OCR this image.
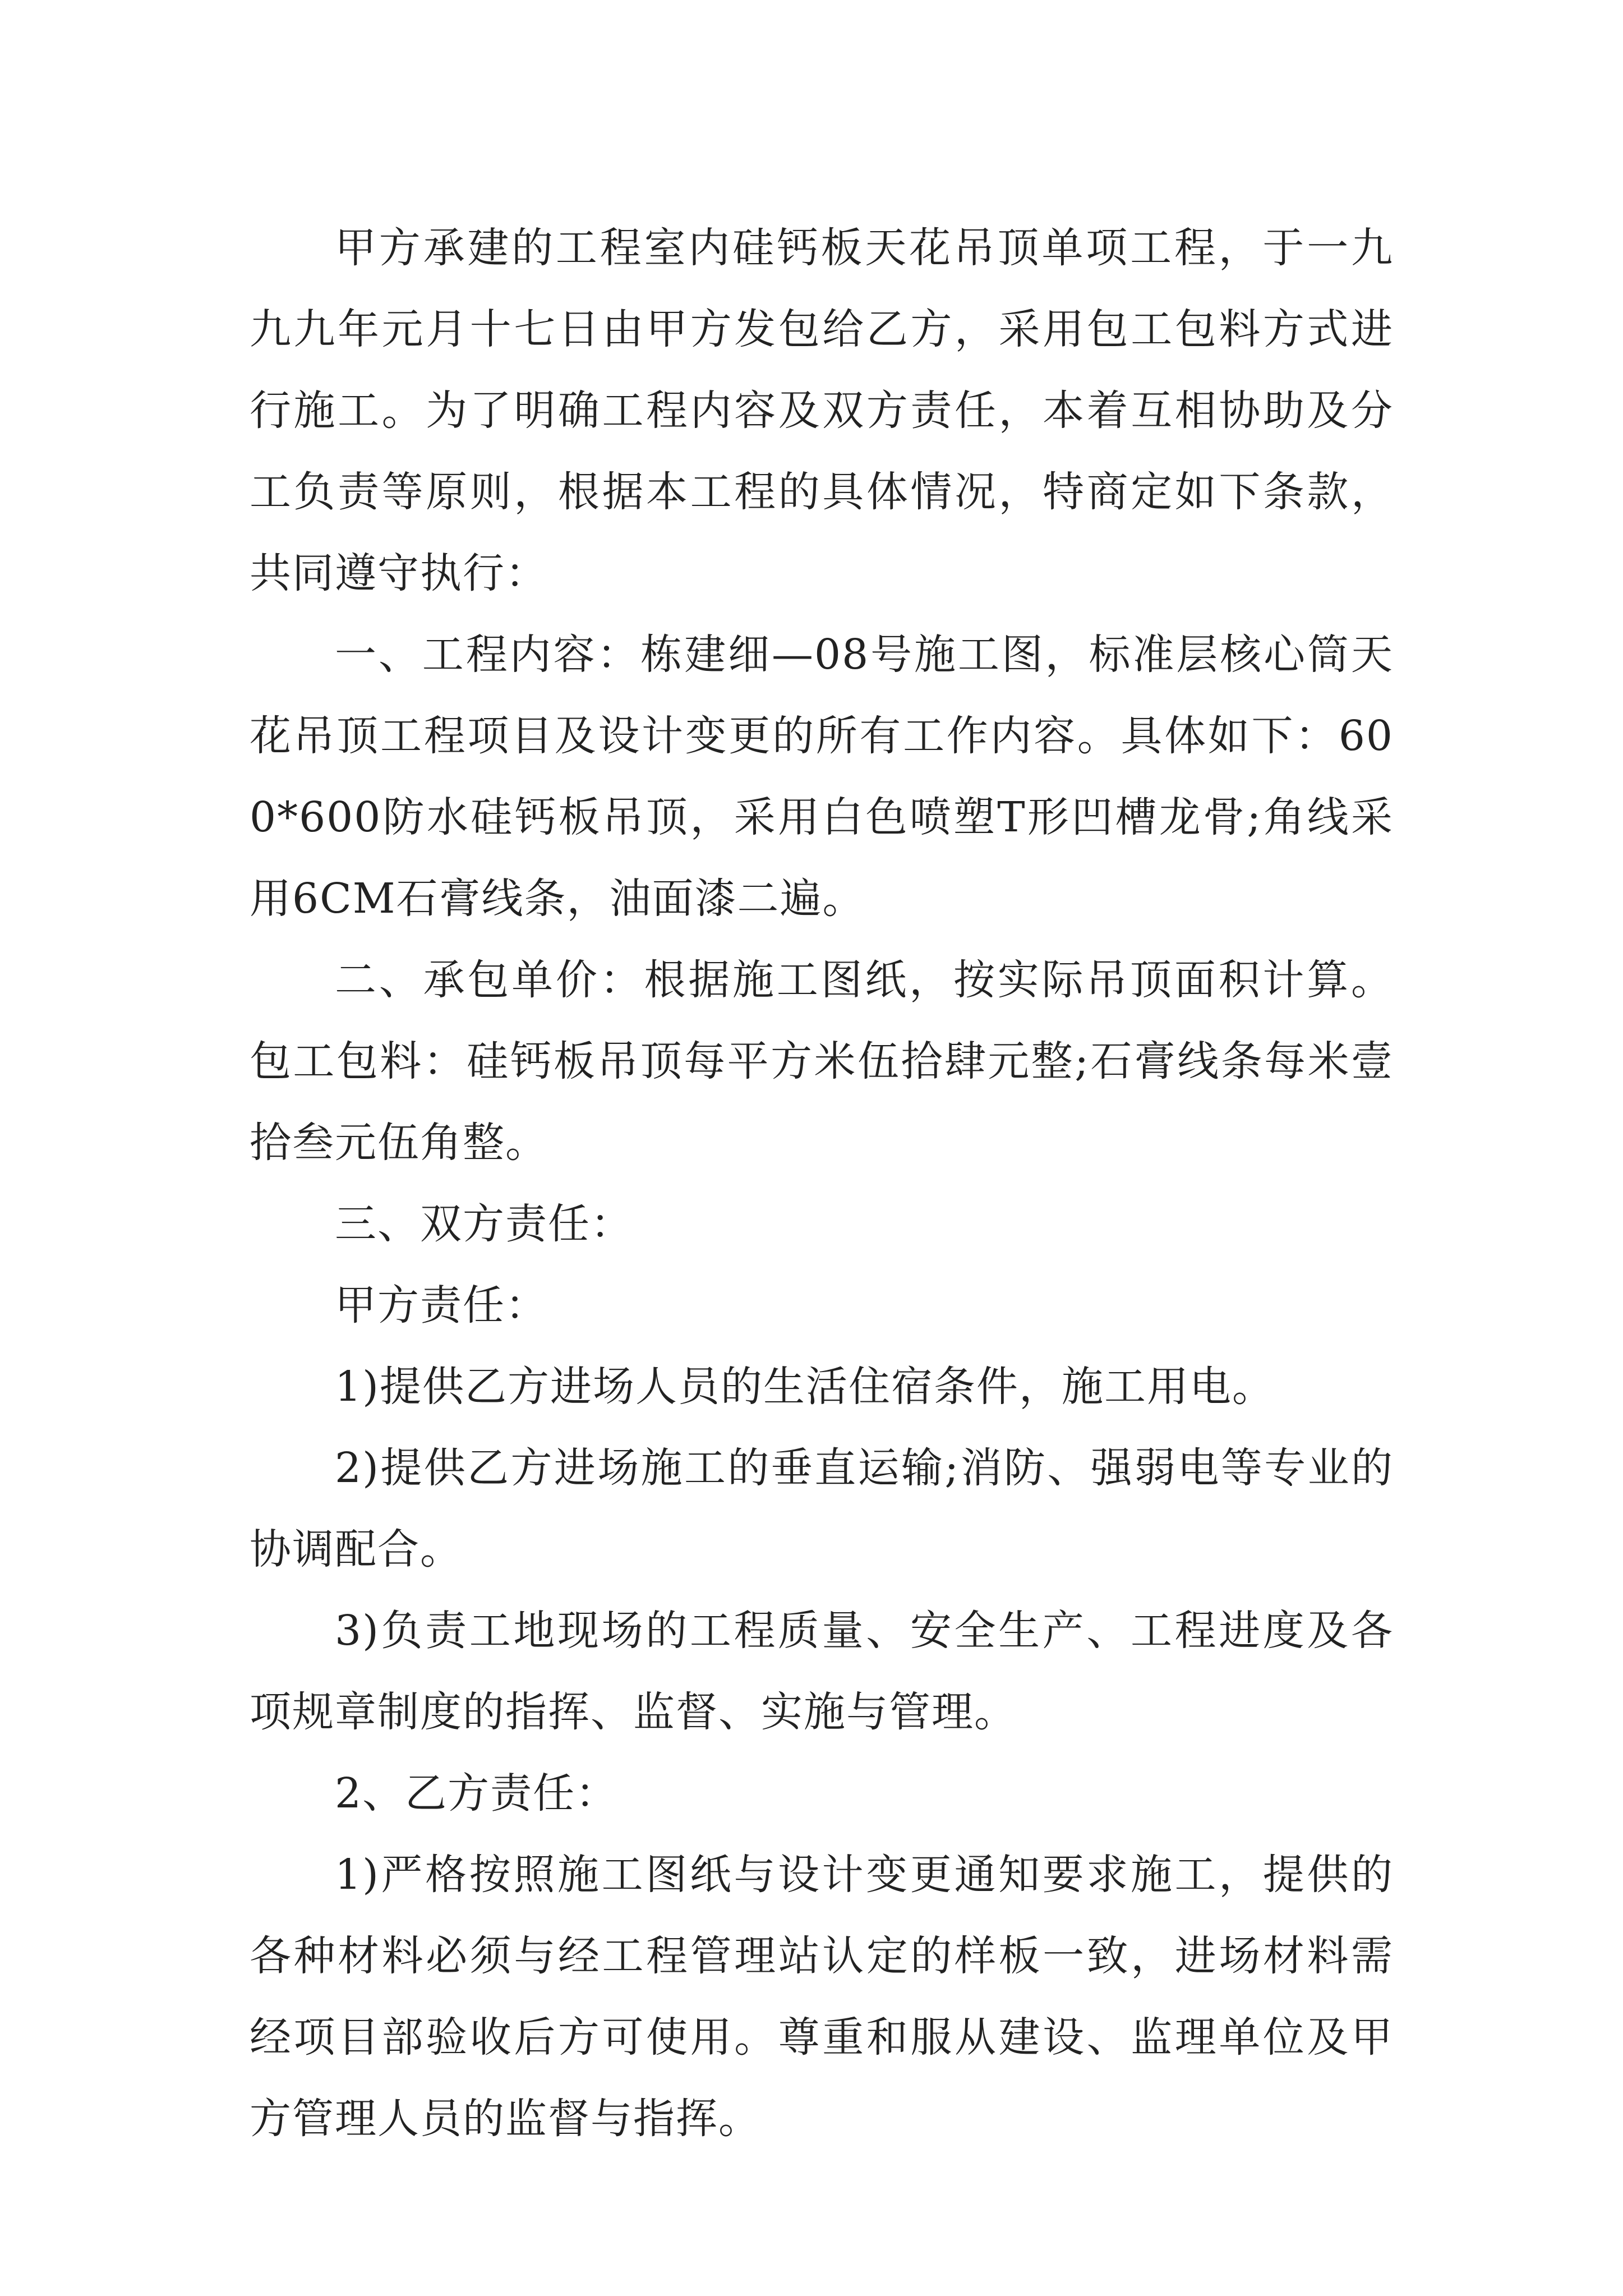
甲方承建的工程室内硅钙板天花吊顶单项工程，于一九九九年元月十七日由甲方发包给乙方，采用包工包料方式进行施工。为了明确工程内容及双方责任，本着互相协助及分工负责等原则，根据本工程的具体情况，特商定如下条款，共同遵守执行：

一、工程内容：栋建细—08号施工图，标准层核心筒天花吊顶工程项目及设计变更的所有工作内容。具体如下：600*600防水硅钙板吊顶，采用白色喷塑T形凹槽龙骨;角线采用6CM石膏线条，油面漆二遍。

二、承包单价：根据施工图纸，按实际吊顶面积计算。包工包料：硅钙板吊顶每平方米伍拾肆元整;石膏线条每米壹拾叁元伍角整。

三、双方责任：

甲方责任：

1)提供乙方进场人员的生活住宿条件，施工用电。

2)提供乙方进场施工的垂直运输;消防、强弱电等专业的协调配合。

3)负责工地现场的工程质量、安全生产、工程进度及各项规章制度的指挥、监督、实施与管理。

2、乙方责任：

1)严格按照施工图纸与设计变更通知要求施工，提供的各种材料必须与经工程管理站认定的样板一致，进场材料需经项目部验收后方可使用。尊重和服从建设、监理单位及甲方管理人员的监督与指挥。
